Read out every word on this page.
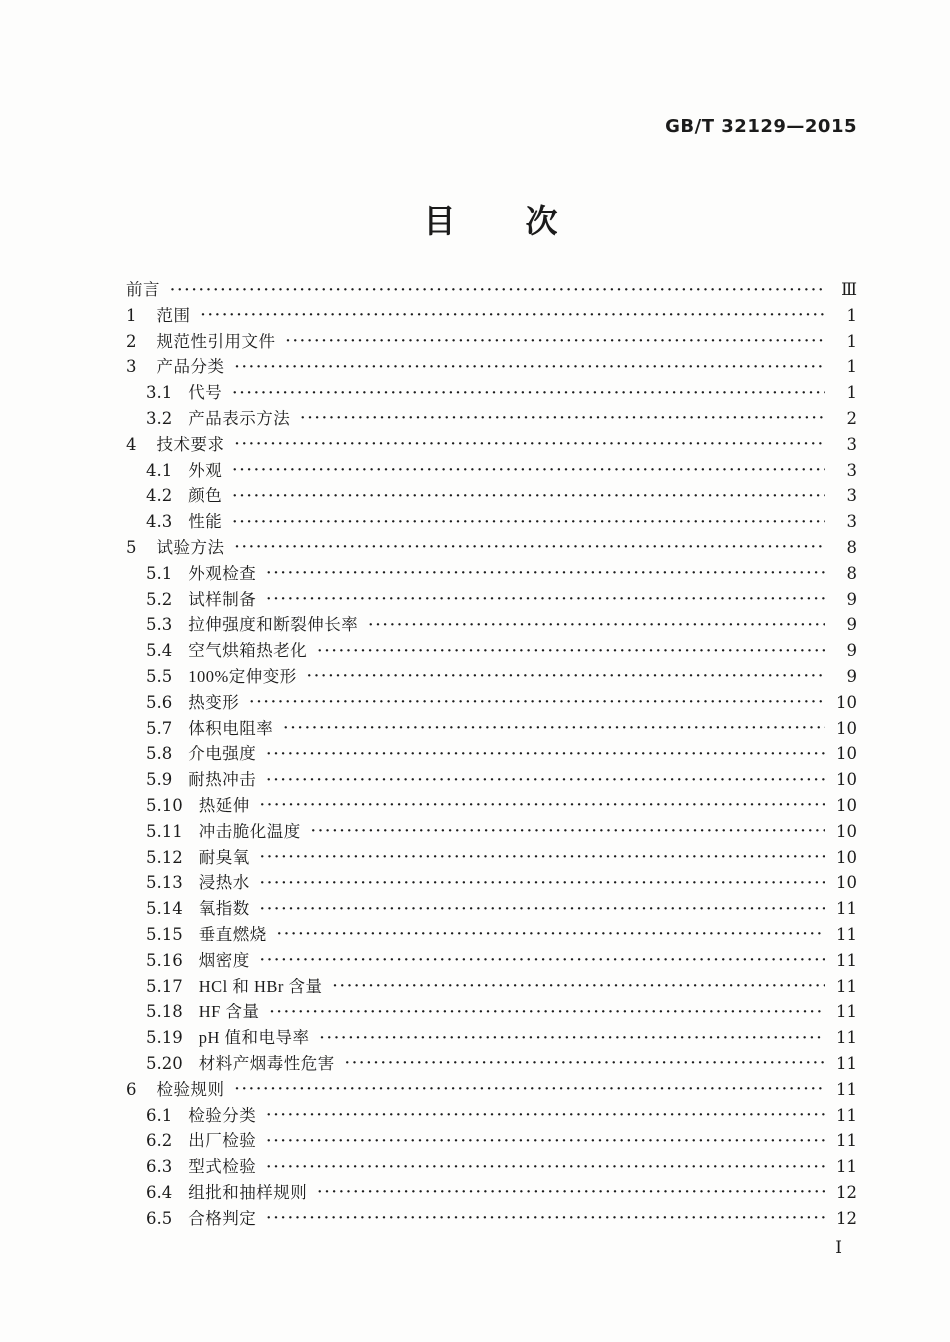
GB/T 32129—2015
目　　次
前言 ·····	Ⅲ
1 范围 ·····	1
2 规范性引用文件 ·····	1
3 产品分类 ·····	1
3.1 代号 ·····	1
3.2 产品表示方法 ·····	2
4 技术要求 ·····	3
4.1 外观 ·····	3
4.2 颜色 ·····	3
4.3 性能 ·····	3
5 试验方法 ·····	8
5.1 外观检查 ·····	8
5.2 试样制备 ·····	9
5.3 拉伸强度和断裂伸长率 ·····	9
5.4 空气烘箱热老化 ·····	9
5.5 100%定伸变形 ·····	9
5.6 热变形 ·····	10
5.7 体积电阻率 ·····	10
5.8 介电强度 ·····	10
5.9 耐热冲击 ·····	10
5.10 热延伸 ·····	10
5.11 冲击脆化温度 ·····	10
5.12 耐臭氧 ·····	10
5.13 浸热水 ·····	10
5.14 氧指数 ·····	11
5.15 垂直燃烧 ·····	11
5.16 烟密度 ·····	11
5.17 HCl 和 HBr 含量 ·····	11
5.18 HF 含量 ·····	11
5.19 pH 值和电导率 ·····	11
5.20 材料产烟毒性危害 ·····	11
6 检验规则 ·····	11
6.1 检验分类 ·····	11
6.2 出厂检验 ·····	11
6.3 型式检验 ·····	11
6.4 组批和抽样规则 ·····	12
6.5 合格判定 ·····	12
Ⅰ
